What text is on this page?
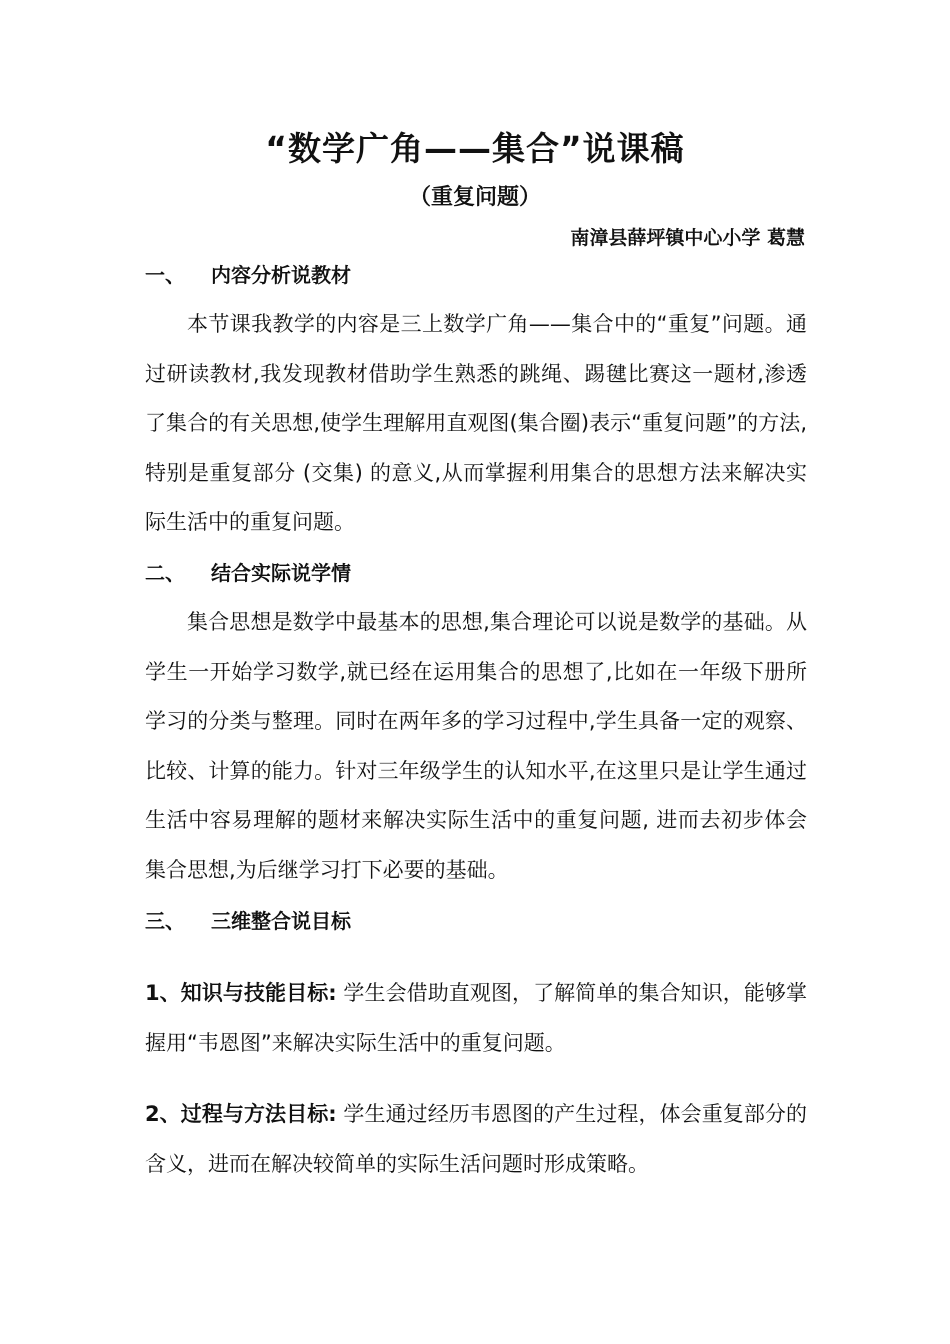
“数学广角——集合”说课稿
（重复问题）
南漳县薛坪镇中心小学 葛慧
一、 内容分析说教材

本节课我教学的内容是三上数学广角——集合中的“重复”问题。通过研读教材,我发现教材借助学生熟悉的跳绳、踢毽比赛这一题材,渗透了集合的有关思想,使学生理解用直观图(集合圈)表示“重复问题”的方法,特别是重复部分 (交集) 的意义,从而掌握利用集合的思想方法来解决实际生活中的重复问题。

二、 结合实际说学情

集合思想是数学中最基本的思想,集合理论可以说是数学的基础。从学生一开始学习数学,就已经在运用集合的思想了,比如在一年级下册所学习的分类与整理。同时在两年多的学习过程中,学生具备一定的观察、比较、计算的能力。针对三年级学生的认知水平,在这里只是让学生通过生活中容易理解的题材来解决实际生活中的重复问题, 进而去初步体会集合思想,为后继学习打下必要的基础。

三、 三维整合说目标

1、知识与技能目标: 学生会借助直观图，了解简单的集合知识，能够掌握用“韦恩图”来解决实际生活中的重复问题。

2、过程与方法目标: 学生通过经历韦恩图的产生过程，体会重复部分的含义，进而在解决较简单的实际生活问题时形成策略。
